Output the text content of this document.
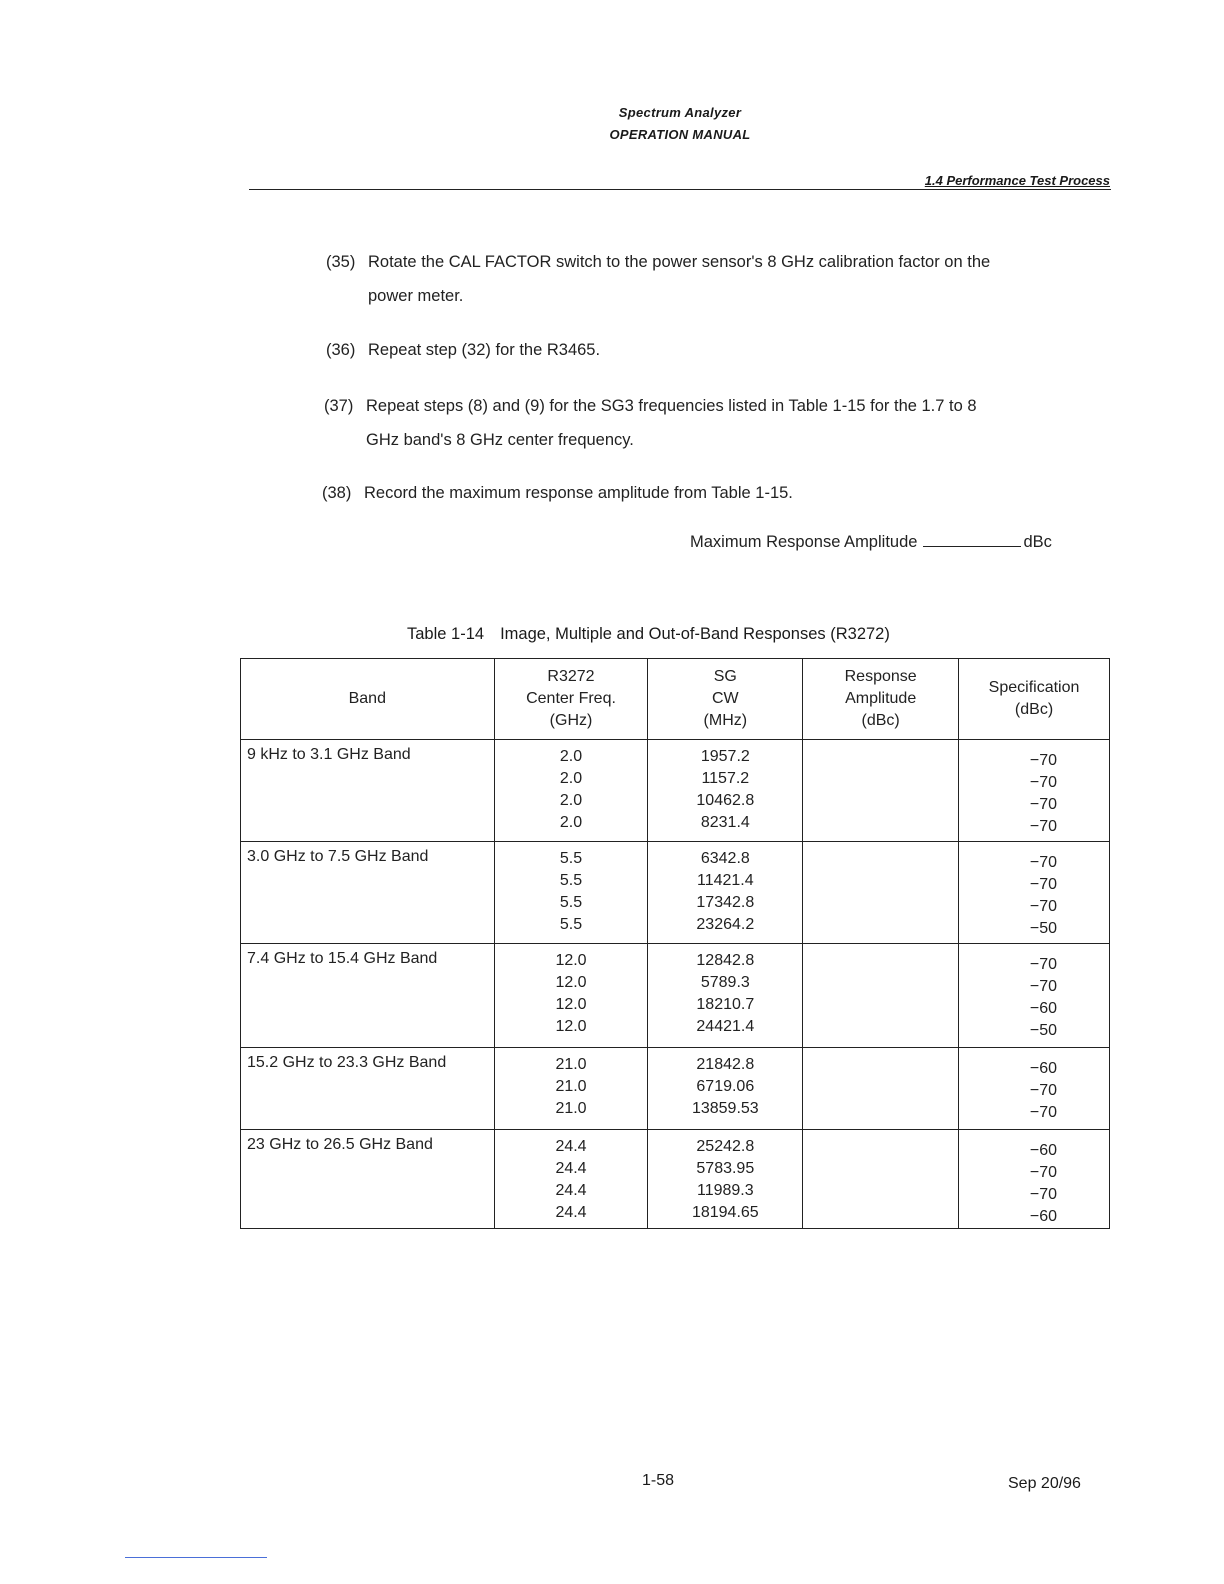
Spectrum Analyzer
OPERATION MANUAL
1.4 Performance Test Process
(35) Rotate the CAL FACTOR switch to the power sensor's 8 GHz calibration factor on the
power meter.
(36) Repeat step (32) for the R3465.
(37) Repeat steps (8) and (9) for the SG3 frequencies listed in Table 1-15 for the 1.7 to 8
GHz band's 8 GHz center frequency.
(38) Record the maximum response amplitude from Table 1-15.
Maximum Response Amplitude	dBc
Table 1-14 Image, Multiple and Out-of-Band Responses (R3272)
Band	R3272
Center Freq.
(GHz)	SG
CW
(MHz)	Response
Amplitude
(dBc)	Specification
(dBc)

9 kHz to 3.1 GHz Band	2.0
2.0
2.0
2.0	1957.2
1157.2
10462.8
8231.4		−70
−70
−70
−70

3.0 GHz to 7.5 GHz Band	5.5
5.5
5.5
5.5	6342.8
11421.4
17342.8
23264.2		−70
−70
−70
−50

7.4 GHz to 15.4 GHz Band	12.0
12.0
12.0
12.0	12842.8
5789.3
18210.7
24421.4		−70
−70
−60
−50

15.2 GHz to 23.3 GHz Band	21.0
21.0
21.0	21842.8
6719.06
13859.53		−60
−70
−70

23 GHz to 26.5 GHz Band	24.4
24.4
24.4
24.4	25242.8
5783.95
11989.3
18194.65		−60
−70
−70
−60
1-58	Sep 20/96
